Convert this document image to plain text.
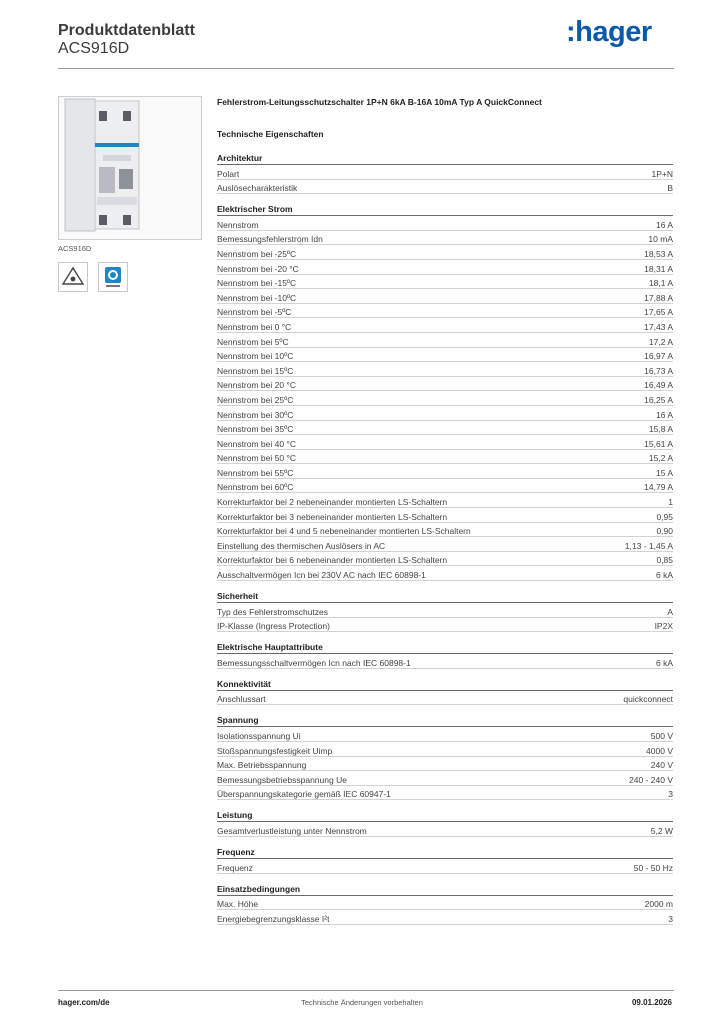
Produktdatenblatt
ACS916D
:hager
ACS916D
Fehlerstrom-Leitungsschutzschalter 1P+N 6kA B-16A 10mA Typ A QuickConnect
Technische Eigenschaften
Architektur
Polart	1P+N
Auslösecharakteristik	B
Elektrischer Strom
Nennstrom	16 A
Bemessungsfehlerstrom Idn	10 mA
Nennstrom bei -25ºC	18,53 A
Nennstrom bei -20 °C	18,31 A
Nennstrom bei -15ºC	18,1 A
Nennstrom bei -10ºC	17,88 A
Nennstrom bei -5ºC	17,65 A
Nennstrom bei 0 °C	17,43 A
Nennstrom bei 5ºC	17,2 A
Nennstrom bei 10ºC	16,97 A
Nennstrom bei 15ºC	16,73 A
Nennstrom bei 20 °C	16,49 A
Nennstrom bei 25ºC	16,25 A
Nennstrom bei 30ºC	16 A
Nennstrom bei 35ºC	15,8 A
Nennstrom bei 40 °C	15,61 A
Nennstrom bei 50 °C	15,2 A
Nennstrom bei 55ºC	15 A
Nennstrom bei 60ºC	14,79 A
Korrekturfaktor bei 2 nebeneinander montierten LS-Schaltern	1
Korrekturfaktor bei 3 nebeneinander montierten LS-Schaltern	0,95
Korrekturfaktor bei 4 und 5 nebeneinander montierten LS-Schaltern	0,90
Einstellung des thermischen Auslösers in AC	1,13 - 1,45 A
Korrekturfaktor bei 6 nebeneinander montierten LS-Schaltern	0,85
Ausschaltvermögen Icn bei 230V AC nach IEC 60898-1	6 kA
Sicherheit
Typ des Fehlerstromschutzes	A
IP-Klasse (Ingress Protection)	IP2X
Elektrische Hauptattribute
Bemessungsschaltvermögen Icn nach IEC 60898-1	6 kA
Konnektivität
Anschlussart	quickconnect
Spannung
Isolationsspannung Ui	500 V
Stoßspannungsfestigkeit Uimp	4000 V
Max. Betriebsspannung	240 V
Bemessungsbetriebsspannung Ue	240 - 240 V
Überspannungskategorie gemäß IEC 60947-1	3
Leistung
Gesamtverlustleistung unter Nennstrom	5,2 W
Frequenz
Frequenz	50 - 50 Hz
Einsatzbedingungen
Max. Höhe	2000 m
Energiebegrenzungsklasse I²t	3
hager.com/de	Technische Änderungen vorbehalten	09.01.2026
